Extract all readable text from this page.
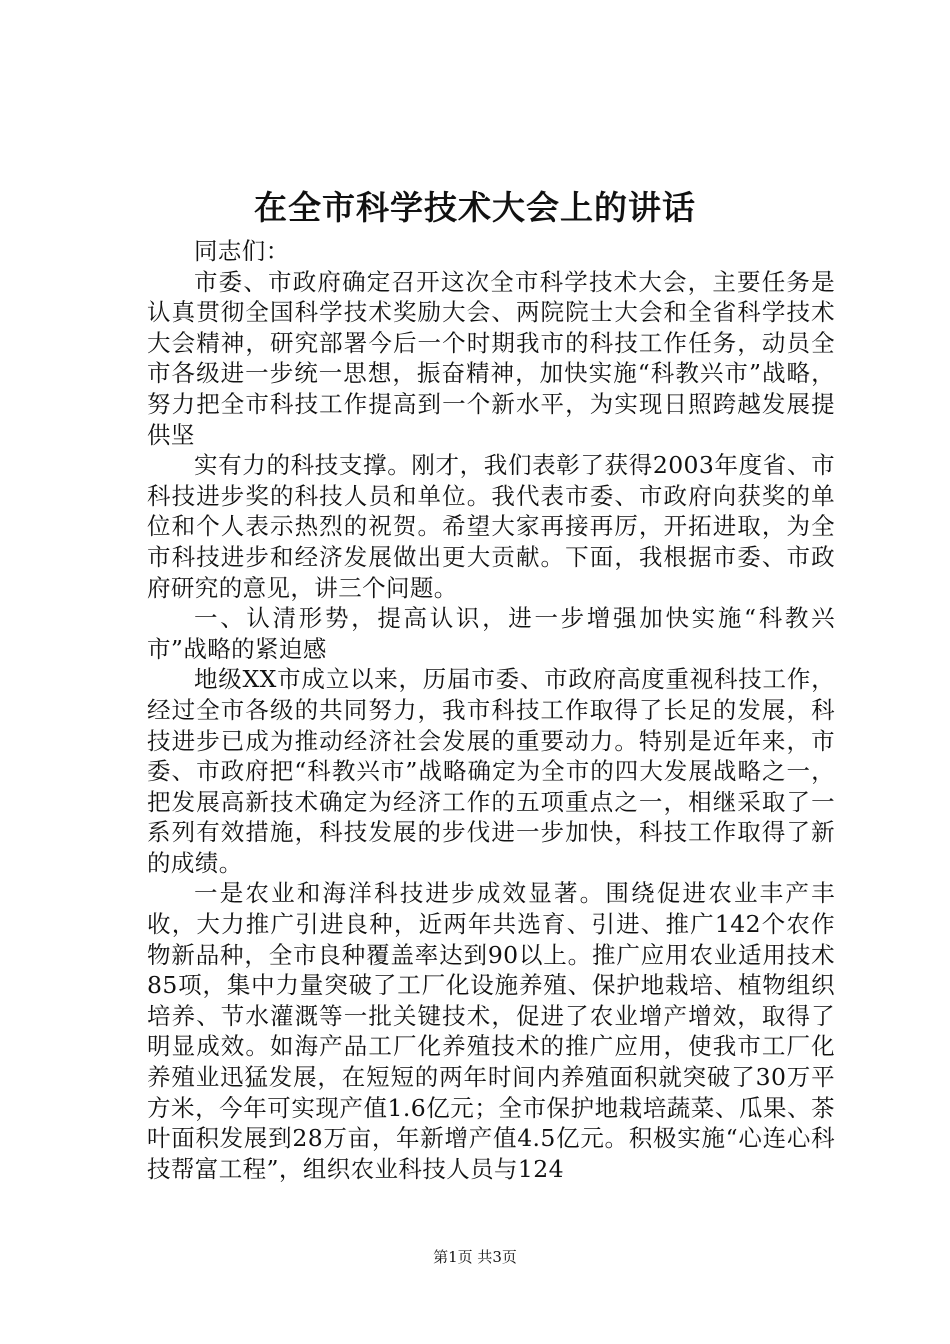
在全市科学技术大会上的讲话

同志们：

市委、市政府确定召开这次全市科学技术大会，主要任务是认真贯彻全国科学技术奖励大会、两院院士大会和全省科学技术大会精神，研究部署今后一个时期我市的科技工作任务，动员全市各级进一步统一思想，振奋精神，加快实施“科教兴市”战略，努力把全市科技工作提高到一个新水平，为实现日照跨越发展提供坚

实有力的科技支撑。刚才，我们表彰了获得2003年度省、市科技进步奖的科技人员和单位。我代表市委、市政府向获奖的单位和个人表示热烈的祝贺。希望大家再接再厉，开拓进取，为全市科技进步和经济发展做出更大贡献。下面，我根据市委、市政府研究的意见，讲三个问题。

一、认清形势，提高认识，进一步增强加快实施“科教兴市”战略的紧迫感

地级XX市成立以来，历届市委、市政府高度重视科技工作，经过全市各级的共同努力，我市科技工作取得了长足的发展，科技进步已成为推动经济社会发展的重要动力。特别是近年来，市委、市政府把“科教兴市”战略确定为全市的四大发展战略之一，把发展高新技术确定为经济工作的五项重点之一，相继采取了一系列有效措施，科技发展的步伐进一步加快，科技工作取得了新的成绩。

一是农业和海洋科技进步成效显著。围绕促进农业丰产丰收，大力推广引进良种，近两年共选育、引进、推广142个农作物新品种，全市良种覆盖率达到90以上。推广应用农业适用技术85项，集中力量突破了工厂化设施养殖、保护地栽培、植物组织培养、节水灌溉等一批关键技术，促进了农业增产增效，取得了明显成效。如海产品工厂化养殖技术的推广应用，使我市工厂化养殖业迅猛发展，在短短的两年时间内养殖面积就突破了30万平方米，今年可实现产值1.6亿元；全市保护地栽培蔬菜、瓜果、茶叶面积发展到28万亩，年新增产值4.5亿元。积极实施“心连心科技帮富工程”，组织农业科技人员与124

第1页 共3页
